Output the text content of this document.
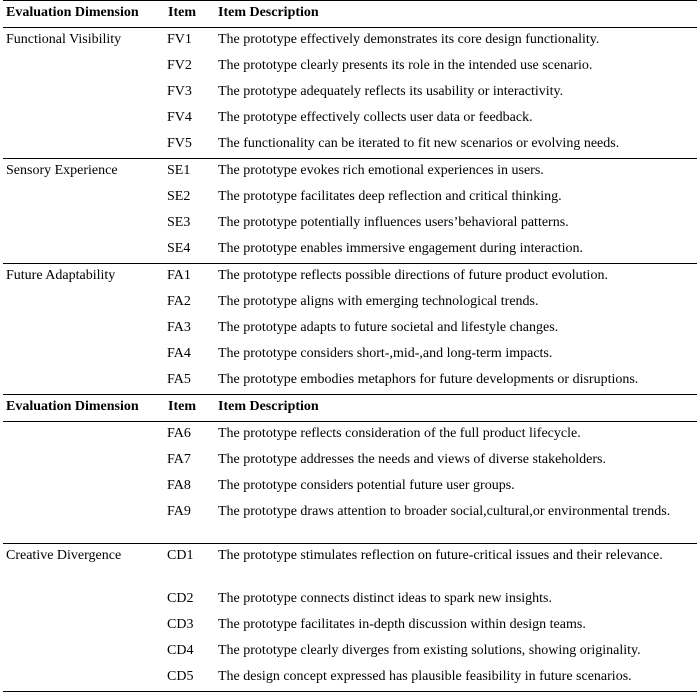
Evaluation Dimension	Item	Item Description
Functional Visibility	FV1	The prototype effectively demonstrates its core design functionality.
	FV2	The prototype clearly presents its role in the intended use scenario.
	FV3	The prototype adequately reflects its usability or interactivity.
	FV4	The prototype effectively collects user data or feedback.
	FV5	The functionality can be iterated to fit new scenarios or evolving needs.
Sensory Experience	SE1	The prototype evokes rich emotional experiences in users.
	SE2	The prototype facilitates deep reflection and critical thinking.
	SE3	The prototype potentially influences users’behavioral patterns.
	SE4	The prototype enables immersive engagement during interaction.
Future Adaptability	FA1	The prototype reflects possible directions of future product evolution.
	FA2	The prototype aligns with emerging technological trends.
	FA3	The prototype adapts to future societal and lifestyle changes.
	FA4	The prototype considers short-,mid-,and long-term impacts.
	FA5	The prototype embodies metaphors for future developments or disruptions.
Evaluation Dimension	Item	Item Description
	FA6	The prototype reflects consideration of the full product lifecycle.
	FA7	The prototype addresses the needs and views of diverse stakeholders.
	FA8	The prototype considers potential future user groups.
	FA9	The prototype draws attention to broader social,cultural,or environmental trends.
Creative Divergence	CD1	The prototype stimulates reflection on future-critical issues and their relevance.
	CD2	The prototype connects distinct ideas to spark new insights.
	CD3	The prototype facilitates in-depth discussion within design teams.
	CD4	The prototype clearly diverges from existing solutions, showing originality.
	CD5	The design concept expressed has plausible feasibility in future scenarios.
